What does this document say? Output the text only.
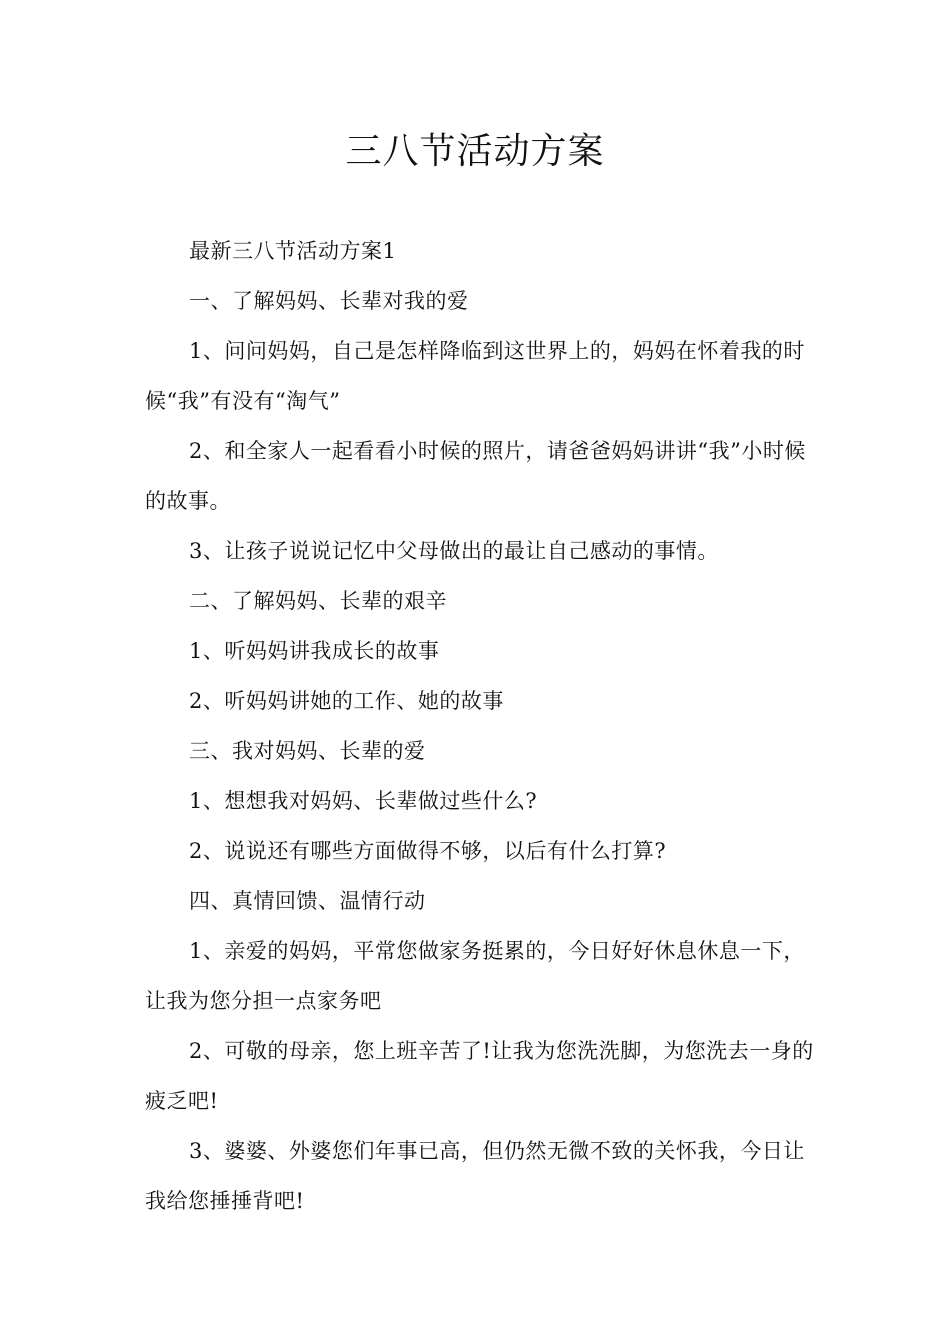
三八节活动方案

最新三八节活动方案1

一、了解妈妈、长辈对我的爱

1、问问妈妈，自己是怎样降临到这世界上的，妈妈在怀着我的时候“我”有没有“淘气”

2、和全家人一起看看小时候的照片，请爸爸妈妈讲讲“我”小时候的故事。

3、让孩子说说记忆中父母做出的最让自己感动的事情。

二、了解妈妈、长辈的艰辛

1、听妈妈讲我成长的故事

2、听妈妈讲她的工作、她的故事

三、我对妈妈、长辈的爱

1、想想我对妈妈、长辈做过些什么?

2、说说还有哪些方面做得不够，以后有什么打算?

四、真情回馈、温情行动

1、亲爱的妈妈，平常您做家务挺累的，今日好好休息休息一下，让我为您分担一点家务吧

2、可敬的母亲，您上班辛苦了!让我为您洗洗脚，为您洗去一身的疲乏吧!

3、婆婆、外婆您们年事已高，但仍然无微不致的关怀我，今日让我给您捶捶背吧!
